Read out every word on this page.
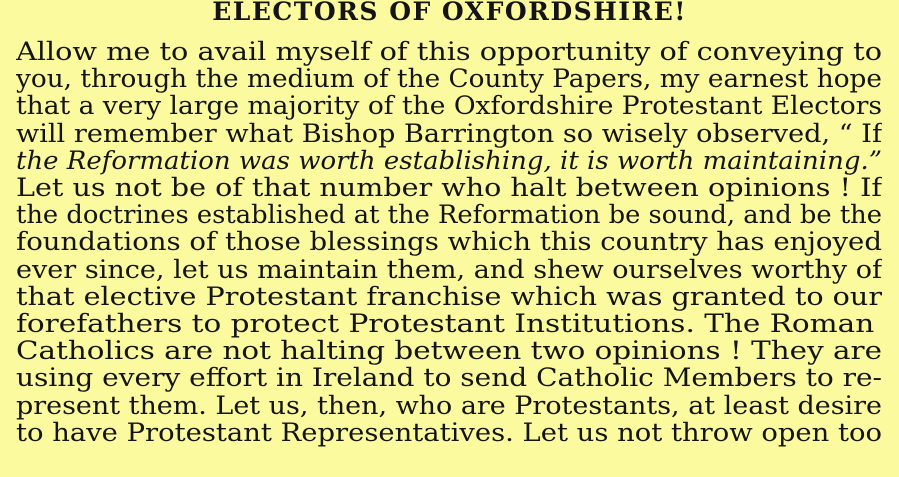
ELECTORS OF OXFORDSHIRE!
Allow me to avail myself of this opportunity of conveying to
you, through the medium of the County Papers, my earnest hope
that a very large majority of the Oxfordshire Protestant Electors
will remember what Bishop Barrington so wisely observed, “ If
the Reformation was worth establishing, it is worth maintaining.”
Let us not be of that number who halt between opinions ! If
the doctrines established at the Reformation be sound, and be the
foundations of those blessings which this country has enjoyed
ever since, let us maintain them, and shew ourselves worthy of
that elective Protestant franchise which was granted to our
forefathers to protect Protestant Institutions. The Roman
Catholics are not halting between two opinions ! They are
using every effort in Ireland to send Catholic Members to re-
present them. Let us, then, who are Protestants, at least desire
to have Protestant Representatives. Let us not throw open too
